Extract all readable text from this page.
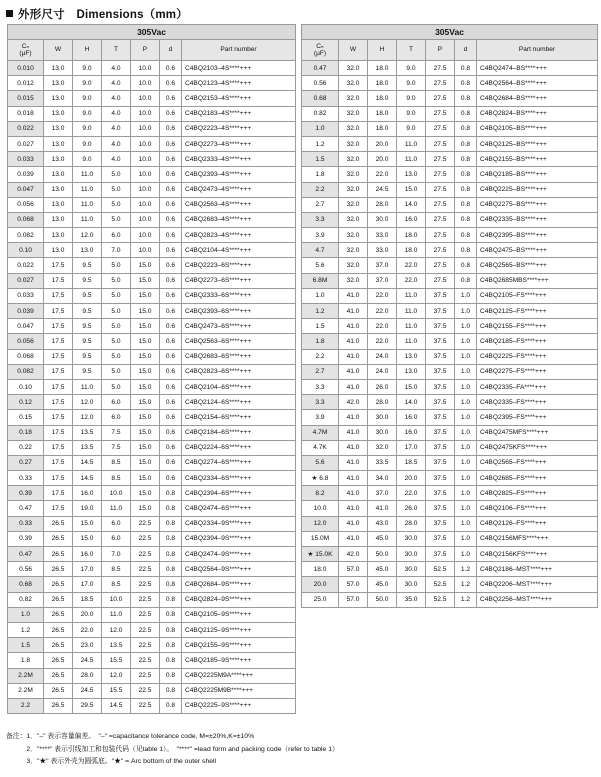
外形尺寸　Dimensions（mm）
305Vac						
Cₙ
(μF)	W	H	T	P	d	Part number
0.010	13.0	9.0	4.0	10.0	0.6	C4BQ2103–4S****+++
0.012	13.0	9.0	4.0	10.0	0.6	C4BQ2123–4S****+++
0.015	13.0	9.0	4.0	10.0	0.6	C4BQ2153–4S****+++
0.018	13.0	9.0	4.0	10.0	0.6	C4BQ2183–4S****+++
0.022	13.0	9.0	4.0	10.0	0.6	C4BQ2223–4S****+++
0.027	13.0	9.0	4.0	10.0	0.6	C4BQ2273–4S****+++
0.033	13.0	9.0	4.0	10.0	0.6	C4BQ2333–4S****+++
0.039	13.0	11.0	5.0	10.0	0.6	C4BQ2393–4S****+++
0.047	13.0	11.0	5.0	10.0	0.6	C4BQ2473–4S****+++
0.056	13.0	11.0	5.0	10.0	0.6	C4BQ2563–4S****+++
0.068	13.0	11.0	5.0	10.0	0.6	C4BQ2683–4S****+++
0.082	13.0	12.0	6.0	10.0	0.6	C4BQ2823–4S****+++
0.10	13.0	13.0	7.0	10.0	0.6	C4BQ2104–4S****+++
0.022	17.5	9.5	5.0	15.0	0.6	C4BQ2223–6S****+++
0.027	17.5	9.5	5.0	15.0	0.6	C4BQ2273–6S****+++
0.033	17.5	9.5	5.0	15.0	0.6	C4BQ2333–6S****+++
0.039	17.5	9.5	5.0	15.0	0.6	C4BQ2393–6S****+++
0.047	17.5	9.5	5.0	15.0	0.6	C4BQ2473–6S****+++
0.056	17.5	9.5	5.0	15.0	0.6	C4BQ2563–6S****+++
0.068	17.5	9.5	5.0	15.0	0.6	C4BQ2683–6S****+++
0.082	17.5	9.5	5.0	15.0	0.6	C4BQ2823–6S****+++
0.10	17.5	11.0	5.0	15.0	0.6	C4BQ2104–6S****+++
0.12	17.5	12.0	6.0	15.0	0.6	C4BQ2124–6S****+++
0.15	17.5	12.0	6.0	15.0	0.6	C4BQ2154–6S****+++
0.18	17.5	13.5	7.5	15.0	0.6	C4BQ2184–6S****+++
0.22	17.5	13.5	7.5	15.0	0.6	C4BQ2224–6S****+++
0.27	17.5	14.5	8.5	15.0	0.6	C4BQ2274–6S****+++
0.33	17.5	14.5	8.5	15.0	0.6	C4BQ2334–6S****+++
0.39	17.5	16.0	10.0	15.0	0.8	C4BQ2394–6S****+++
0.47	17.5	19.0	11.0	15.0	0.8	C4BQ2474–6S****+++
0.33	26.5	15.0	6.0	22.5	0.8	C4BQ2334–9S****+++
0.39	26.5	15.0	6.0	22.5	0.8	C4BQ2394–9S****+++
0.47	26.5	16.0	7.0	22.5	0.8	C4BQ2474–9S****+++
0.56	26.5	17.0	8.5	22.5	0.8	C4BQ2564–9S****+++
0.68	26.5	17.0	8.5	22.5	0.8	C4BQ2684–9S****+++
0.82	26.5	18.5	10.0	22.5	0.8	C4BQ2824–9S****+++
1.0	26.5	20.0	11.0	22.5	0.8	C4BQ2105–9S****+++
1.2	26.5	22.0	12.0	22.5	0.8	C4BQ2125–9S****+++
1.5	26.5	23.0	13.5	22.5	0.8	C4BQ2155–9S****+++
1.8	26.5	24.5	15.5	22.5	0.8	C4BQ2185–9S****+++
2.2M	26.5	28.0	12.0	22.5	0.8	C4BQ2225M9A****+++
2.2M	26.5	24.5	15.5	22.5	0.8	C4BQ2225M9B****+++
2.2	26.5	29.5	14.5	22.5	0.8	C4BQ2225–9S****+++
305Vac						
Cₙ
(μF)	W	H	T	P	d	Part number
0.47	32.0	18.0	9.0	27.5	0.8	C4BQ2474–BS****+++
0.56	32.0	18.0	9.0	27.5	0.8	C4BQ2564–BS****+++
0.68	32.0	18.0	9.0	27.5	0.8	C4BQ2684–BS****+++
0.82	32.0	18.0	9.0	27.5	0.8	C4BQ2824–BS****+++
1.0	32.0	18.0	9.0	27.5	0.8	C4BQ2105–BS****+++
1.2	32.0	20.0	11.0	27.5	0.8	C4BQ2125–BS****+++
1.5	32.0	20.0	11.0	27.5	0.8	C4BQ2155–BS****+++
1.8	32.0	22.0	13.0	27.5	0.8	C4BQ2185–BS****+++
2.2	32.0	24.5	15.0	27.5	0.8	C4BQ2225–BS****+++
2.7	32.0	28.0	14.0	27.5	0.8	C4BQ2275–BS****+++
3.3	32.0	30.0	16.0	27.5	0.8	C4BQ2335–BS****+++
3.9	32.0	33.0	18.0	27.5	0.8	C4BQ2395–BS****+++
4.7	32.0	33.0	18.0	27.5	0.8	C4BQ2475–BS****+++
5.6	32.0	37.0	22.0	27.5	0.8	C4BQ2565–BS****+++
6.8M	32.0	37.0	22.0	27.5	0.8	C4BQ2685MBS****+++
1.0	41.0	22.0	11.0	37.5	1.0	C4BQ2105–FS****+++
1.2	41.0	22.0	11.0	37.5	1.0	C4BQ2125–FS****+++
1.5	41.0	22.0	11.0	37.5	1.0	C4BQ2155–FS****+++
1.8	41.0	22.0	11.0	37.5	1.0	C4BQ2185–FS****+++
2.2	41.0	24.0	13.0	37.5	1.0	C4BQ2225–FS****+++
2.7	41.0	24.0	13.0	37.5	1.0	C4BQ2275–FS****+++
3.3	41.0	26.0	15.0	37.5	1.0	C4BQ2335–FA****+++
3.3	42.0	28.0	14.0	37.5	1.0	C4BQ2335–FS****+++
3.9	41.0	30.0	16.0	37.5	1.0	C4BQ2395–FS****+++
4.7M	41.0	30.0	16.0	37.5	1.0	C4BQ2475MFS****+++
4.7K	41.0	32.0	17.0	37.5	1.0	C4BQ2475KFS****+++
5.6	41.0	33.5	18.5	37.5	1.0	C4BQ2565–FS****+++
★ 6.8	41.0	34.0	20.0	37.5	1.0	C4BQ2685–FS****+++
8.2	41.0	37.0	22.0	37.5	1.0	C4BQ2825–FS****+++
10.0	41.0	41.0	26.0	37.5	1.0	C4BQ2106–FS****+++
12.0	41.0	43.0	28.0	37.5	1.0	C4BQ2126–FS****+++
15.0M	41.0	45.0	30.0	37.5	1.0	C4BQ2156MFS****+++
★ 15.0K	42.0	50.0	30.0	37.5	1.0	C4BQ2156KFS****+++
18.0	57.0	45.0	30.0	52.5	1.2	C4BQ2186–MST****+++
20.0	57.0	45.0	30.0	52.5	1.2	C4BQ2206–MST****+++
25.0	57.0	50.0	35.0	52.5	1.2	C4BQ2256–MST****+++
备注：1．"–" 表示容量偏差。　"–" =capacitance tolerance code, M=±20%,K=±10%
　　　2．"****" 表示引线加工和包装代码（见table 1）。　"****" =lead form and packing code（refer to table 1）
　　　3．"★" 表示外壳为圆弧底。"★" = Arc bottom of the outer shell
